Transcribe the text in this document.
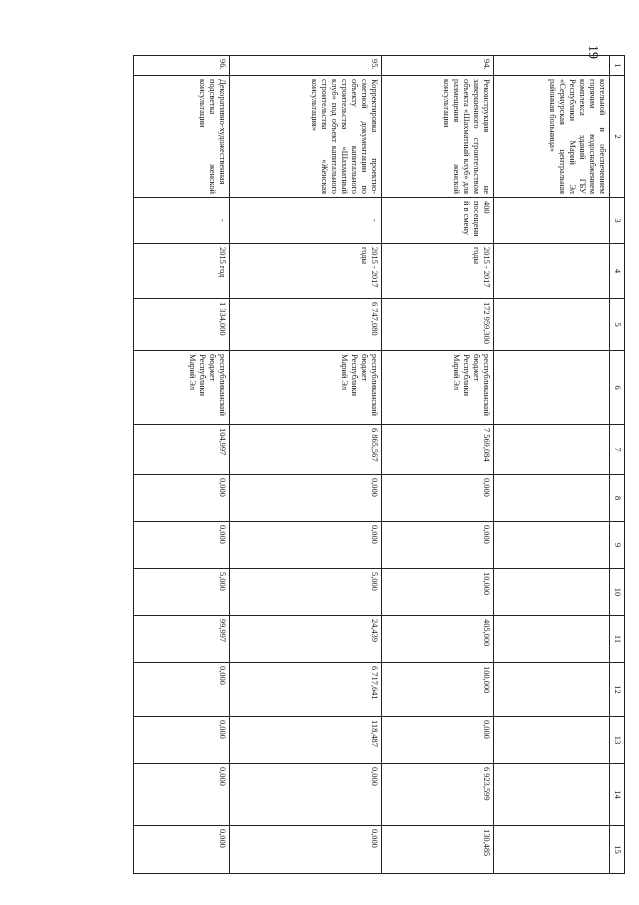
19
1	2	3	4	5	6	7	8	9	10	11	12	13	14	15
	котельной и обеспечением горячим водоснабжением комплекса зданий ГБУ Республики Марий Эл «Сернурская центральная районная больница»													
94.	Реконструкция не завершенного строительством объекта «Шахматный клуб» для размещения женской консультации	400 посещений в смену	2015 - 2017 годы	172 959,300	республиканский бюджет Республики Марий Эл	7 569,084	0,000	0,000	10,000	405,000	100,000	0,000	6 923,599	130,485
95.	Корректировка проектно-сметной документации по объекту капитального строительства «Шахматный клуб» под объект капитального строительства «Женская консультация»	-	2015 - 2017 годы	6 747,080	республиканский бюджет Республики Марий Эл	6 865,567	0,000	0,000	5,000	24,439	6 717,641	118,487	0,000	0,000
96.	Декоративно-художественная подсветка женской консультации	-	2015 год	1 334,000	республиканский бюджет Республики Марий Эл	104,997	0,000	0,000	5,000	99,997	0,000	0,000	0,000	0,000
